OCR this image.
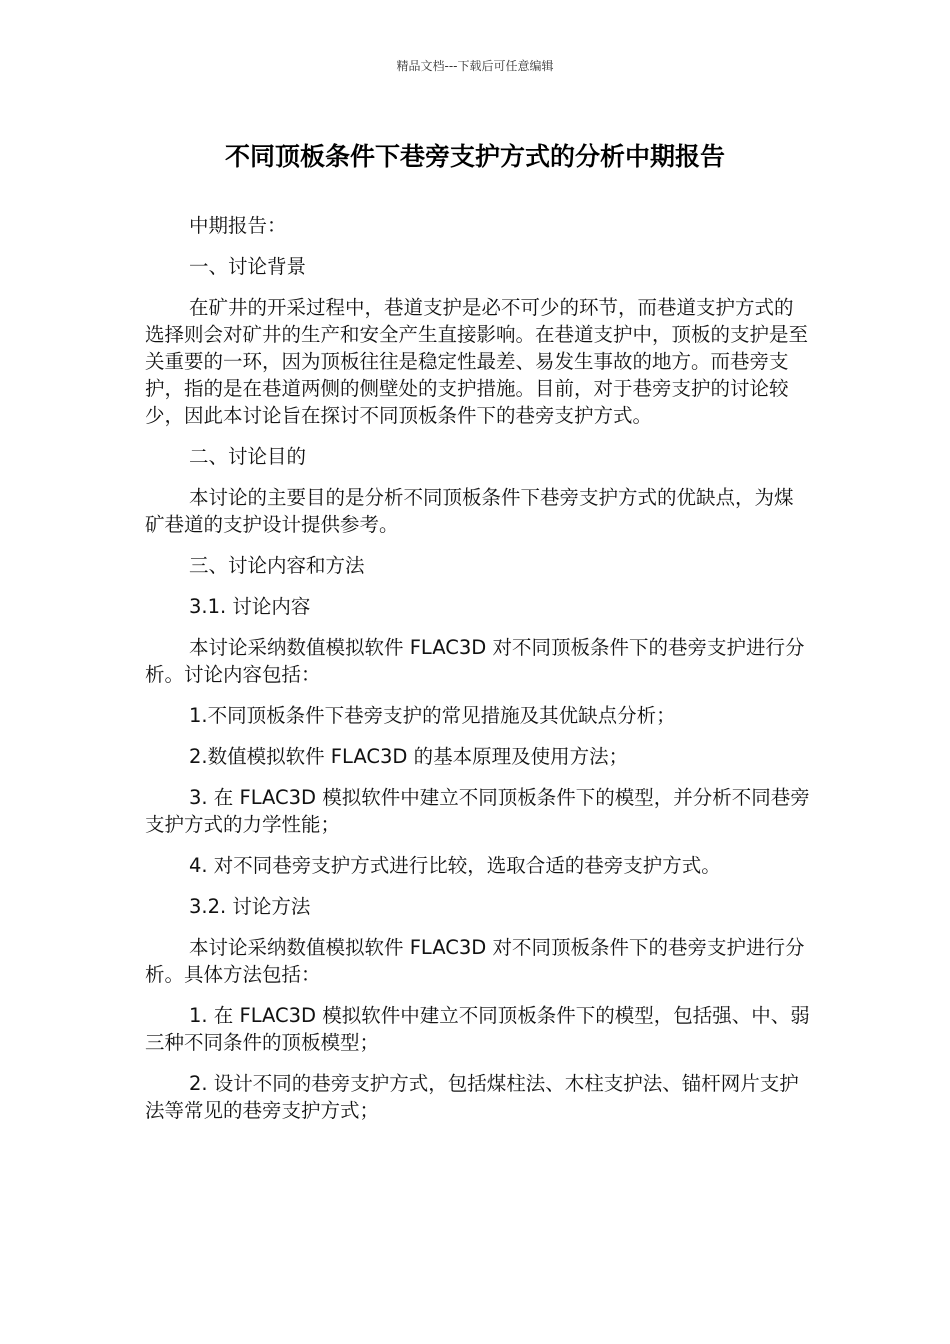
精品文档---下载后可任意编辑
不同顶板条件下巷旁支护方式的分析中期报告

中期报告：

一、讨论背景

在矿井的开采过程中，巷道支护是必不可少的环节，而巷道支护方式的选择则会对矿井的生产和安全产生直接影响。在巷道支护中，顶板的支护是至关重要的一环，因为顶板往往是稳定性最差、易发生事故的地方。而巷旁支护，指的是在巷道两侧的侧壁处的支护措施。目前，对于巷旁支护的讨论较少，因此本讨论旨在探讨不同顶板条件下的巷旁支护方式。

二、讨论目的

本讨论的主要目的是分析不同顶板条件下巷旁支护方式的优缺点，为煤矿巷道的支护设计提供参考。

三、讨论内容和方法

3.1. 讨论内容

本讨论采纳数值模拟软件 FLAC3D 对不同顶板条件下的巷旁支护进行分析。讨论内容包括：

1.不同顶板条件下巷旁支护的常见措施及其优缺点分析；

2.数值模拟软件 FLAC3D 的基本原理及使用方法；

3. 在 FLAC3D 模拟软件中建立不同顶板条件下的模型，并分析不同巷旁支护方式的力学性能；

4. 对不同巷旁支护方式进行比较，选取合适的巷旁支护方式。

3.2. 讨论方法

本讨论采纳数值模拟软件 FLAC3D 对不同顶板条件下的巷旁支护进行分析。具体方法包括：

1. 在 FLAC3D 模拟软件中建立不同顶板条件下的模型，包括强、中、弱三种不同条件的顶板模型；

2. 设计不同的巷旁支护方式，包括煤柱法、木柱支护法、锚杆网片支护法等常见的巷旁支护方式；
